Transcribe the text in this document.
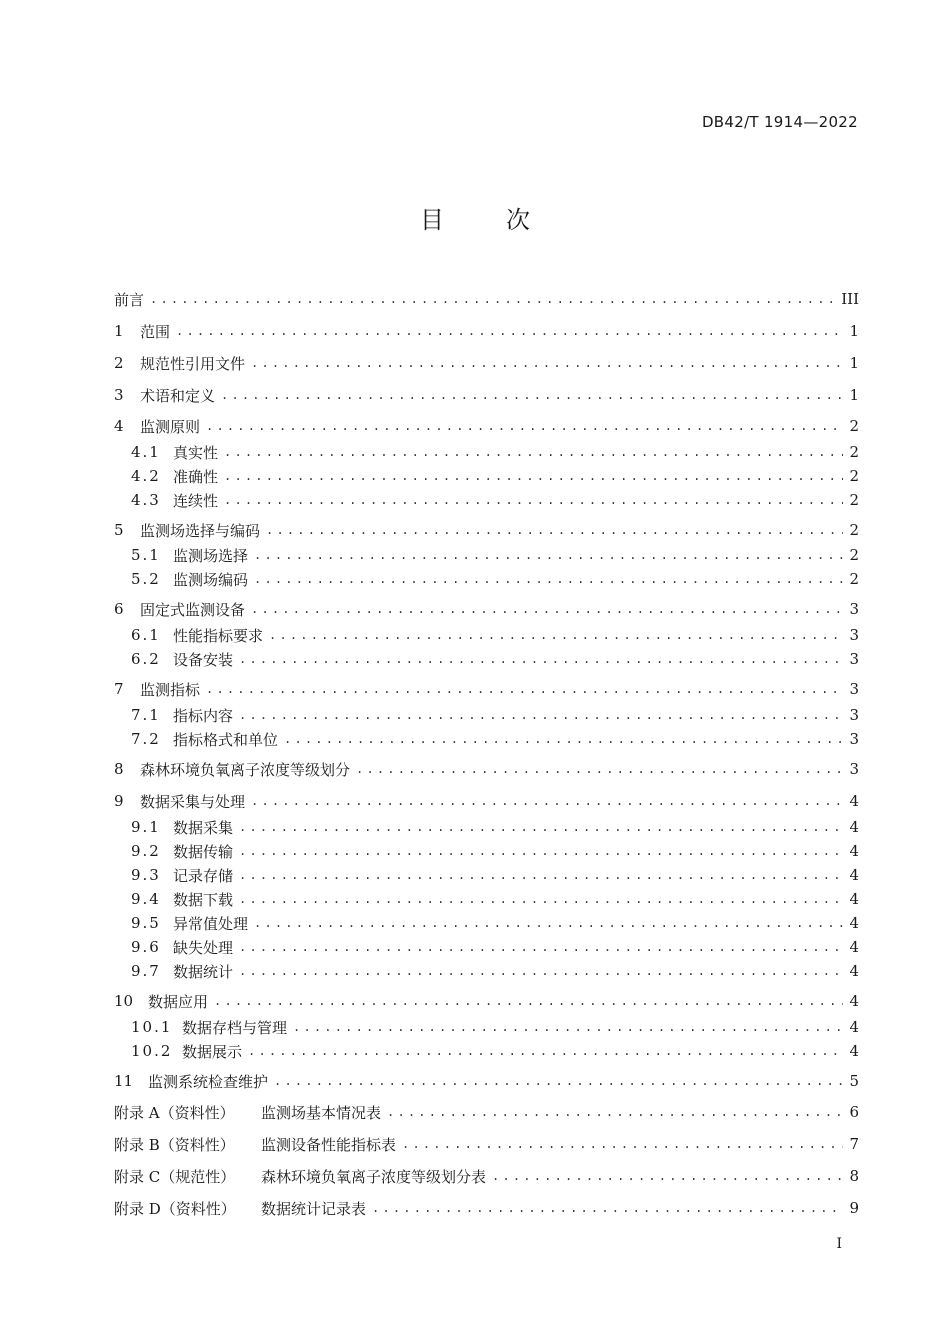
DB42/T 1914—2022
目	次
前言 .....	III
1	范围 .....	1
2	规范性引用文件 .....	1
3	术语和定义 .....	1
4	监测原则 .....	2
4.1 真实性 .....	2
4.2 准确性 .....	2
4.3 连续性 .....	2
5	监测场选择与编码 .....	2
5.1 监测场选择 .....	2
5.2 监测场编码 .....	2
6	固定式监测设备 .....	3
6.1 性能指标要求 .....	3
6.2 设备安装 .....	3
7	监测指标 .....	3
7.1 指标内容 .....	3
7.2 指标格式和单位 .....	3
8	森林环境负氧离子浓度等级划分 .....	3
9	数据采集与处理 .....	4
9.1 数据采集 .....	4
9.2 数据传输 .....	4
9.3 记录存储 .....	4
9.4 数据下载 .....	4
9.5 异常值处理 .....	4
9.6 缺失处理 .....	4
9.7 数据统计 .....	4
10 数据应用 .....	4
10.1 数据存档与管理 .....	4
10.2 数据展示 .....	4
11 监测系统检查维护 .....	5
附录 A（资料性）	监测场基本情况表 .....	6
附录 B（资料性）	监测设备性能指标表 .....	7
附录 C（规范性）	森林环境负氧离子浓度等级划分表 .....	8
附录 D（资料性）	数据统计记录表 .....	9
I
